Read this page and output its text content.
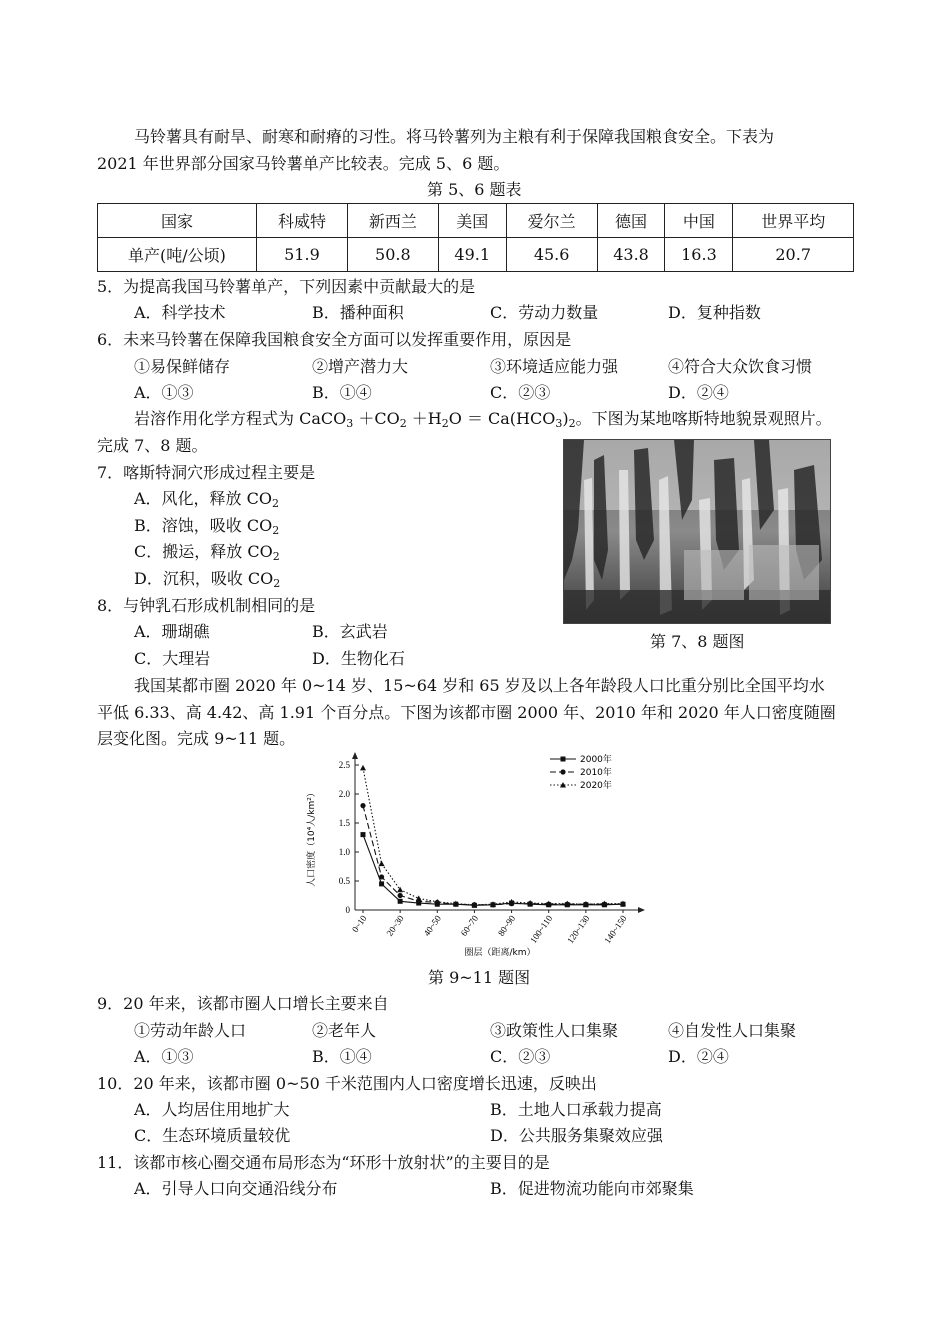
马铃薯具有耐旱、耐寒和耐瘠的习性。将马铃薯列为主粮有利于保障我国粮食安全。下表为
2021 年世界部分国家马铃薯单产比较表。完成 5、6 题。
第 5、6 题表
国家	科威特	新西兰	美国	爱尔兰	德国	中国	世界平均
单产(吨/公顷)	51.9	50.8	49.1	45.6	43.8	16.3	20.7
5．为提高我国马铃薯单产，下列因素中贡献最大的是
A．科学技术	B．播种面积	C．劳动力数量	D．复种指数
6．未来马铃薯在保障我国粮食安全方面可以发挥重要作用，原因是
①易保鲜储存	②增产潜力大	③环境适应能力强	④符合大众饮食习惯
A．①③	B．①④	C．②③	D．②④
岩溶作用化学方程式为 CaCO$_3$ $+CO_2 +H_2O = Ca(HCO_3)_2$。下图为某地喀斯特地貌景观照片。
完成 7、8 题。
7．喀斯特洞穴形成过程主要是
A．风化，释放 $CO_2$
B．溶蚀，吸收 $CO_2$
C．搬运，释放 $CO_2$
D．沉积，吸收 $CO_2$
第 7、8 题图
8．与钟乳石形成机制相同的是
A．珊瑚礁	B．玄武岩
C．大理岩	D．生物化石
我国某都市圈 2020 年 0~14 岁、15~64 岁和 65 岁及以上各年龄段人口比重分别比全国平均水
平低 6.33、高 4.42、高 1.91 个百分点。下图为该都市圈 2000 年、2010 年和 2020 年人口密度随圈
层变化图。完成 9~11 题。
0
0.5
1.0
1.5
2.0
2.5
0~10 20~30 40~50 60~70 80~90 100~110 120~130 140~150
人口密度（10⁴人/km²）
圈层（距离/km）
2000年
2010年
2020年
第 9~11 题图
9．20 年来，该都市圈人口增长主要来自
①劳动年龄人口	②老年人	③政策性人口集聚	④自发性人口集聚
A．①③	B．①④	C．②③	D．②④
10．20 年来，该都市圈 0~50 千米范围内人口密度增长迅速，反映出
A．人均居住用地扩大	B．土地人口承载力提高
C．生态环境质量较优	D．公共服务集聚效应强
11．该都市核心圈交通布局形态为“环形十放射状”的主要目的是
A．引导人口向交通沿线分布	B．促进物流功能向市郊聚集
